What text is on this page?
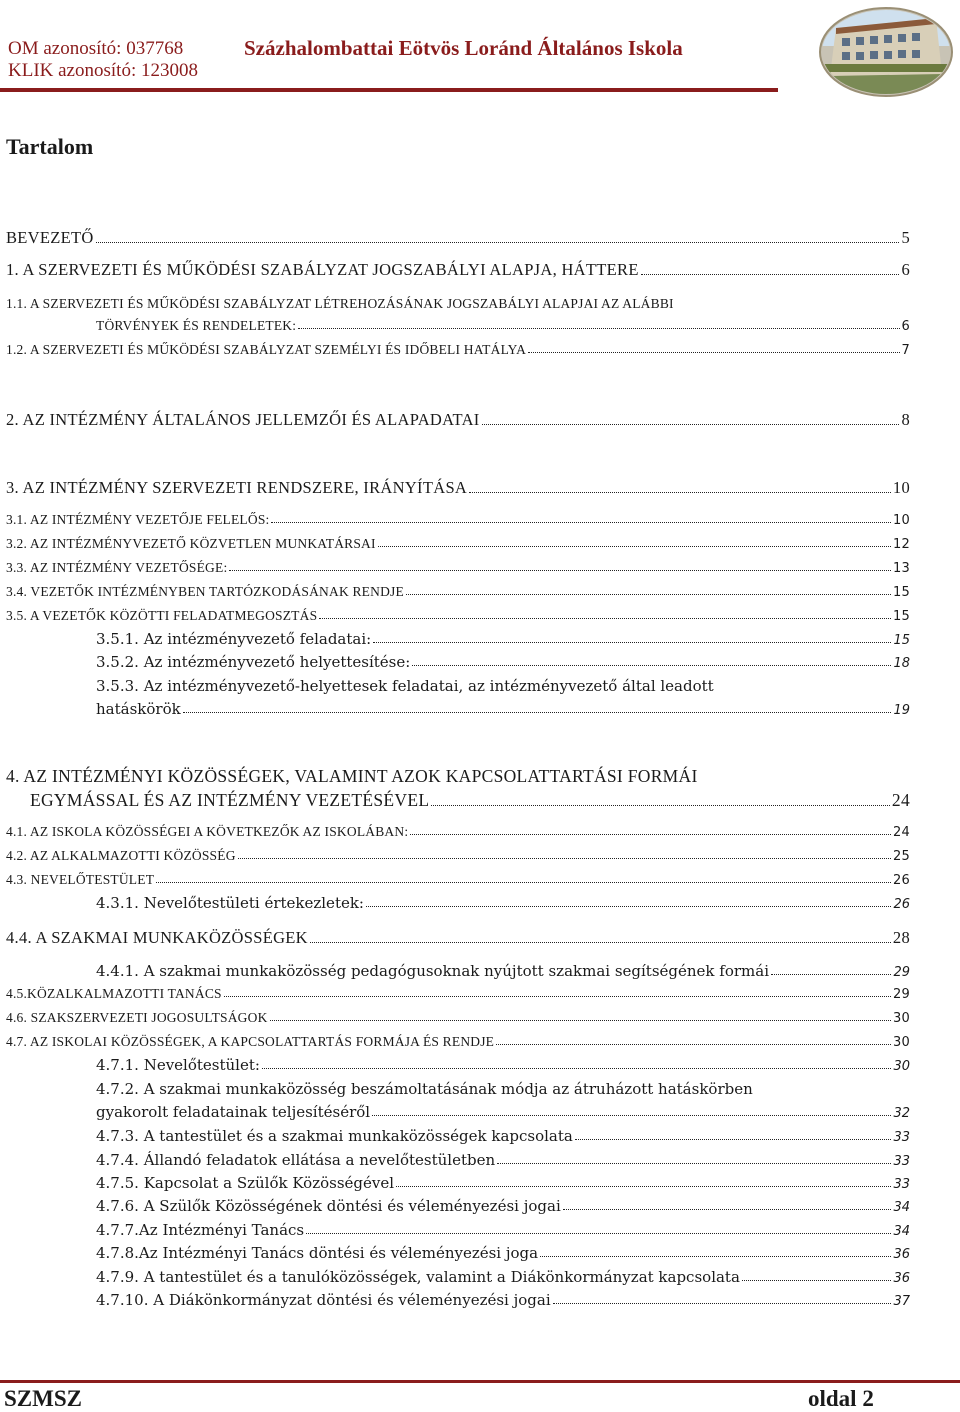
OM azonosító: 037768
KLIK azonosító: 123008
Százhalombattai Eötvös Loránd Általános Iskola
Tartalom
BEVEZETŐ	5
1. A SZERVEZETI ÉS MŰKÖDÉSI SZABÁLYZAT JOGSZABÁLYI ALAPJA, HÁTTERE	6
1.1. A SZERVEZETI ÉS MŰKÖDÉSI SZABÁLYZAT LÉTREHOZÁSÁNAK JOGSZABÁLYI ALAPJAI AZ ALÁBBI
TÖRVÉNYEK ÉS RENDELETEK:	6
1.2. A SZERVEZETI ÉS MŰKÖDÉSI SZABÁLYZAT SZEMÉLYI ÉS IDŐBELI HATÁLYA	7
2. AZ INTÉZMÉNY ÁLTALÁNOS JELLEMZŐI ÉS ALAPADATAI	8
3. AZ INTÉZMÉNY SZERVEZETI RENDSZERE, IRÁNYÍTÁSA	10
3.1. AZ INTÉZMÉNY VEZETŐJE FELELŐS:	10
3.2. AZ INTÉZMÉNYVEZETŐ KÖZVETLEN MUNKATÁRSAI	12
3.3. AZ INTÉZMÉNY VEZETŐSÉGE:	13
3.4. VEZETŐK INTÉZMÉNYBEN TARTÓZKODÁSÁNAK RENDJE	15
3.5. A VEZETŐK KÖZÖTTI FELADATMEGOSZTÁS	15
3.5.1. Az intézményvezető feladatai:	15
3.5.2. Az intézményvezető helyettesítése:	18
3.5.3. Az intézményvezető-helyettesek feladatai, az intézményvezető által leadott
hatáskörök	19
4. AZ INTÉZMÉNYI KÖZÖSSÉGEK, VALAMINT AZOK KAPCSOLATTARTÁSI FORMÁI
EGYMÁSSAL ÉS AZ INTÉZMÉNY VEZETÉSÉVEL	24
4.1. AZ ISKOLA KÖZÖSSÉGEI A KÖVETKEZŐK AZ ISKOLÁBAN:	24
4.2. AZ ALKALMAZOTTI KÖZÖSSÉG	25
4.3. NEVELŐTESTÜLET	26
4.3.1. Nevelőtestületi értekezletek:	26
4.4. A SZAKMAI MUNKAKÖZÖSSÉGEK	28
4.4.1. A szakmai munkaközösség pedagógusoknak nyújtott szakmai segítségének formái	29
4.5.KÖZALKALMAZOTTI TANÁCS	29
4.6. SZAKSZERVEZETI JOGOSULTSÁGOK	30
4.7. AZ ISKOLAI KÖZÖSSÉGEK, A KAPCSOLATTARTÁS FORMÁJA ÉS RENDJE	30
4.7.1. Nevelőtestület:	30
4.7.2. A szakmai munkaközösség beszámoltatásának módja az átruházott hatáskörben
gyakorolt feladatainak teljesítéséről	32
4.7.3. A tantestület és a szakmai munkaközösségek kapcsolata	33
4.7.4. Állandó feladatok ellátása a nevelőtestületben	33
4.7.5. Kapcsolat a Szülők Közösségével	33
4.7.6. A Szülők Közösségének döntési és véleményezési jogai	34
4.7.7.Az Intézményi Tanács	34
4.7.8.Az Intézményi Tanács döntési és véleményezési joga	36
4.7.9. A tantestület és a tanulóközösségek, valamint a Diákönkormányzat kapcsolata	36
4.7.10. A Diákönkormányzat döntési és véleményezési jogai	37
SZMSZ	oldal 2
